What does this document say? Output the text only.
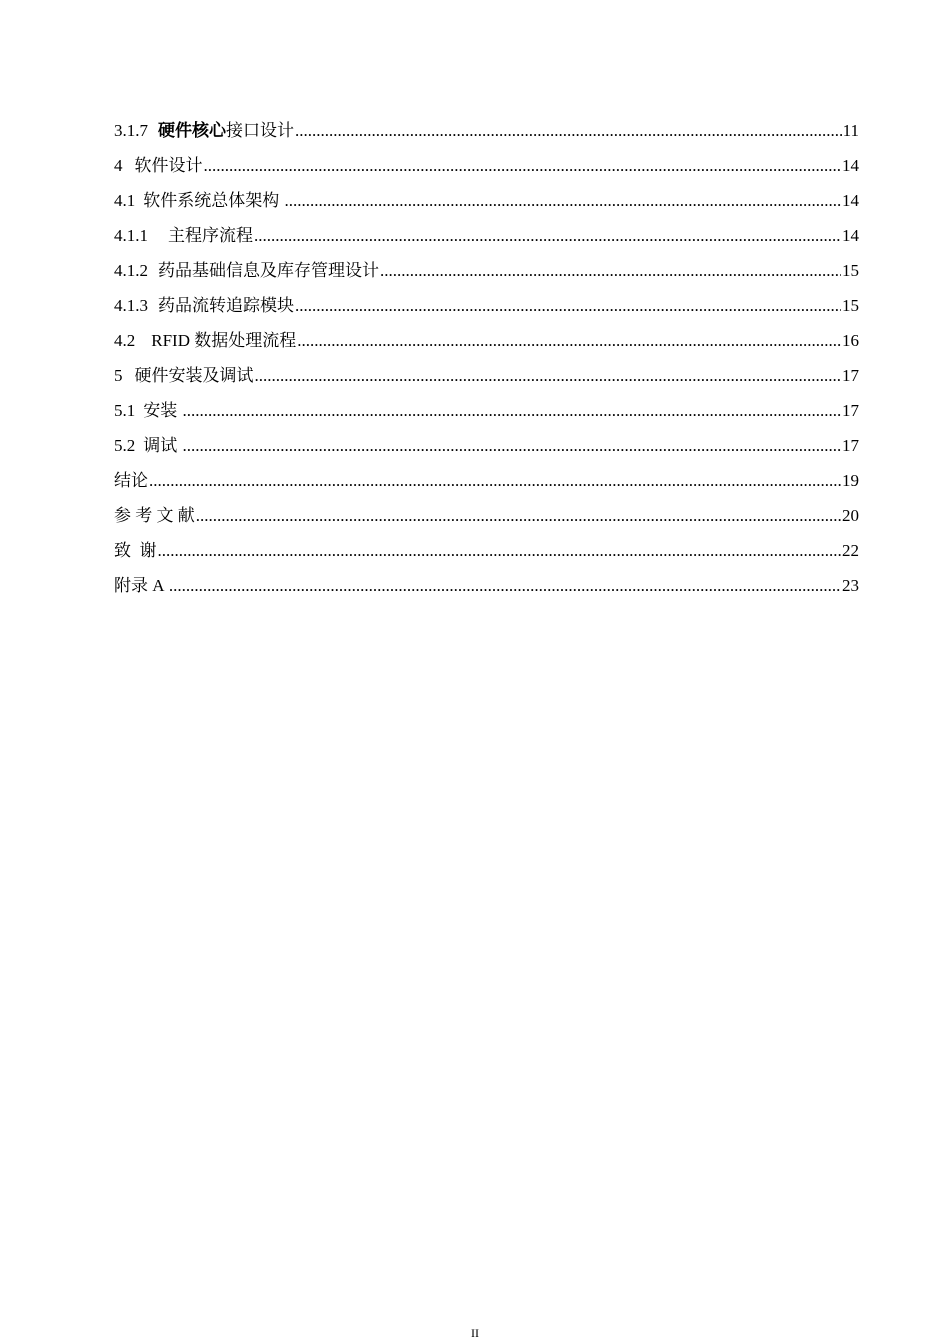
3.1.7 硬件核心接口设计 .....	11
4 软件设计 .....	14
4.1 软件系统总体架构 .....	14
4.1.1 主程序流程 .....	14
4.1.2 药品基础信息及库存管理设计 .....	15
4.1.3 药品流转追踪模块 .....	15
4.2 RFID 数据处理流程 .....	16
5 硬件安装及调试 .....	17
5.1 安装 .....	17
5.2 调试 .....	17
结论 .....	19
参 考 文 献 .....	20
致  谢 .....	22
附录 A .....	23
II
